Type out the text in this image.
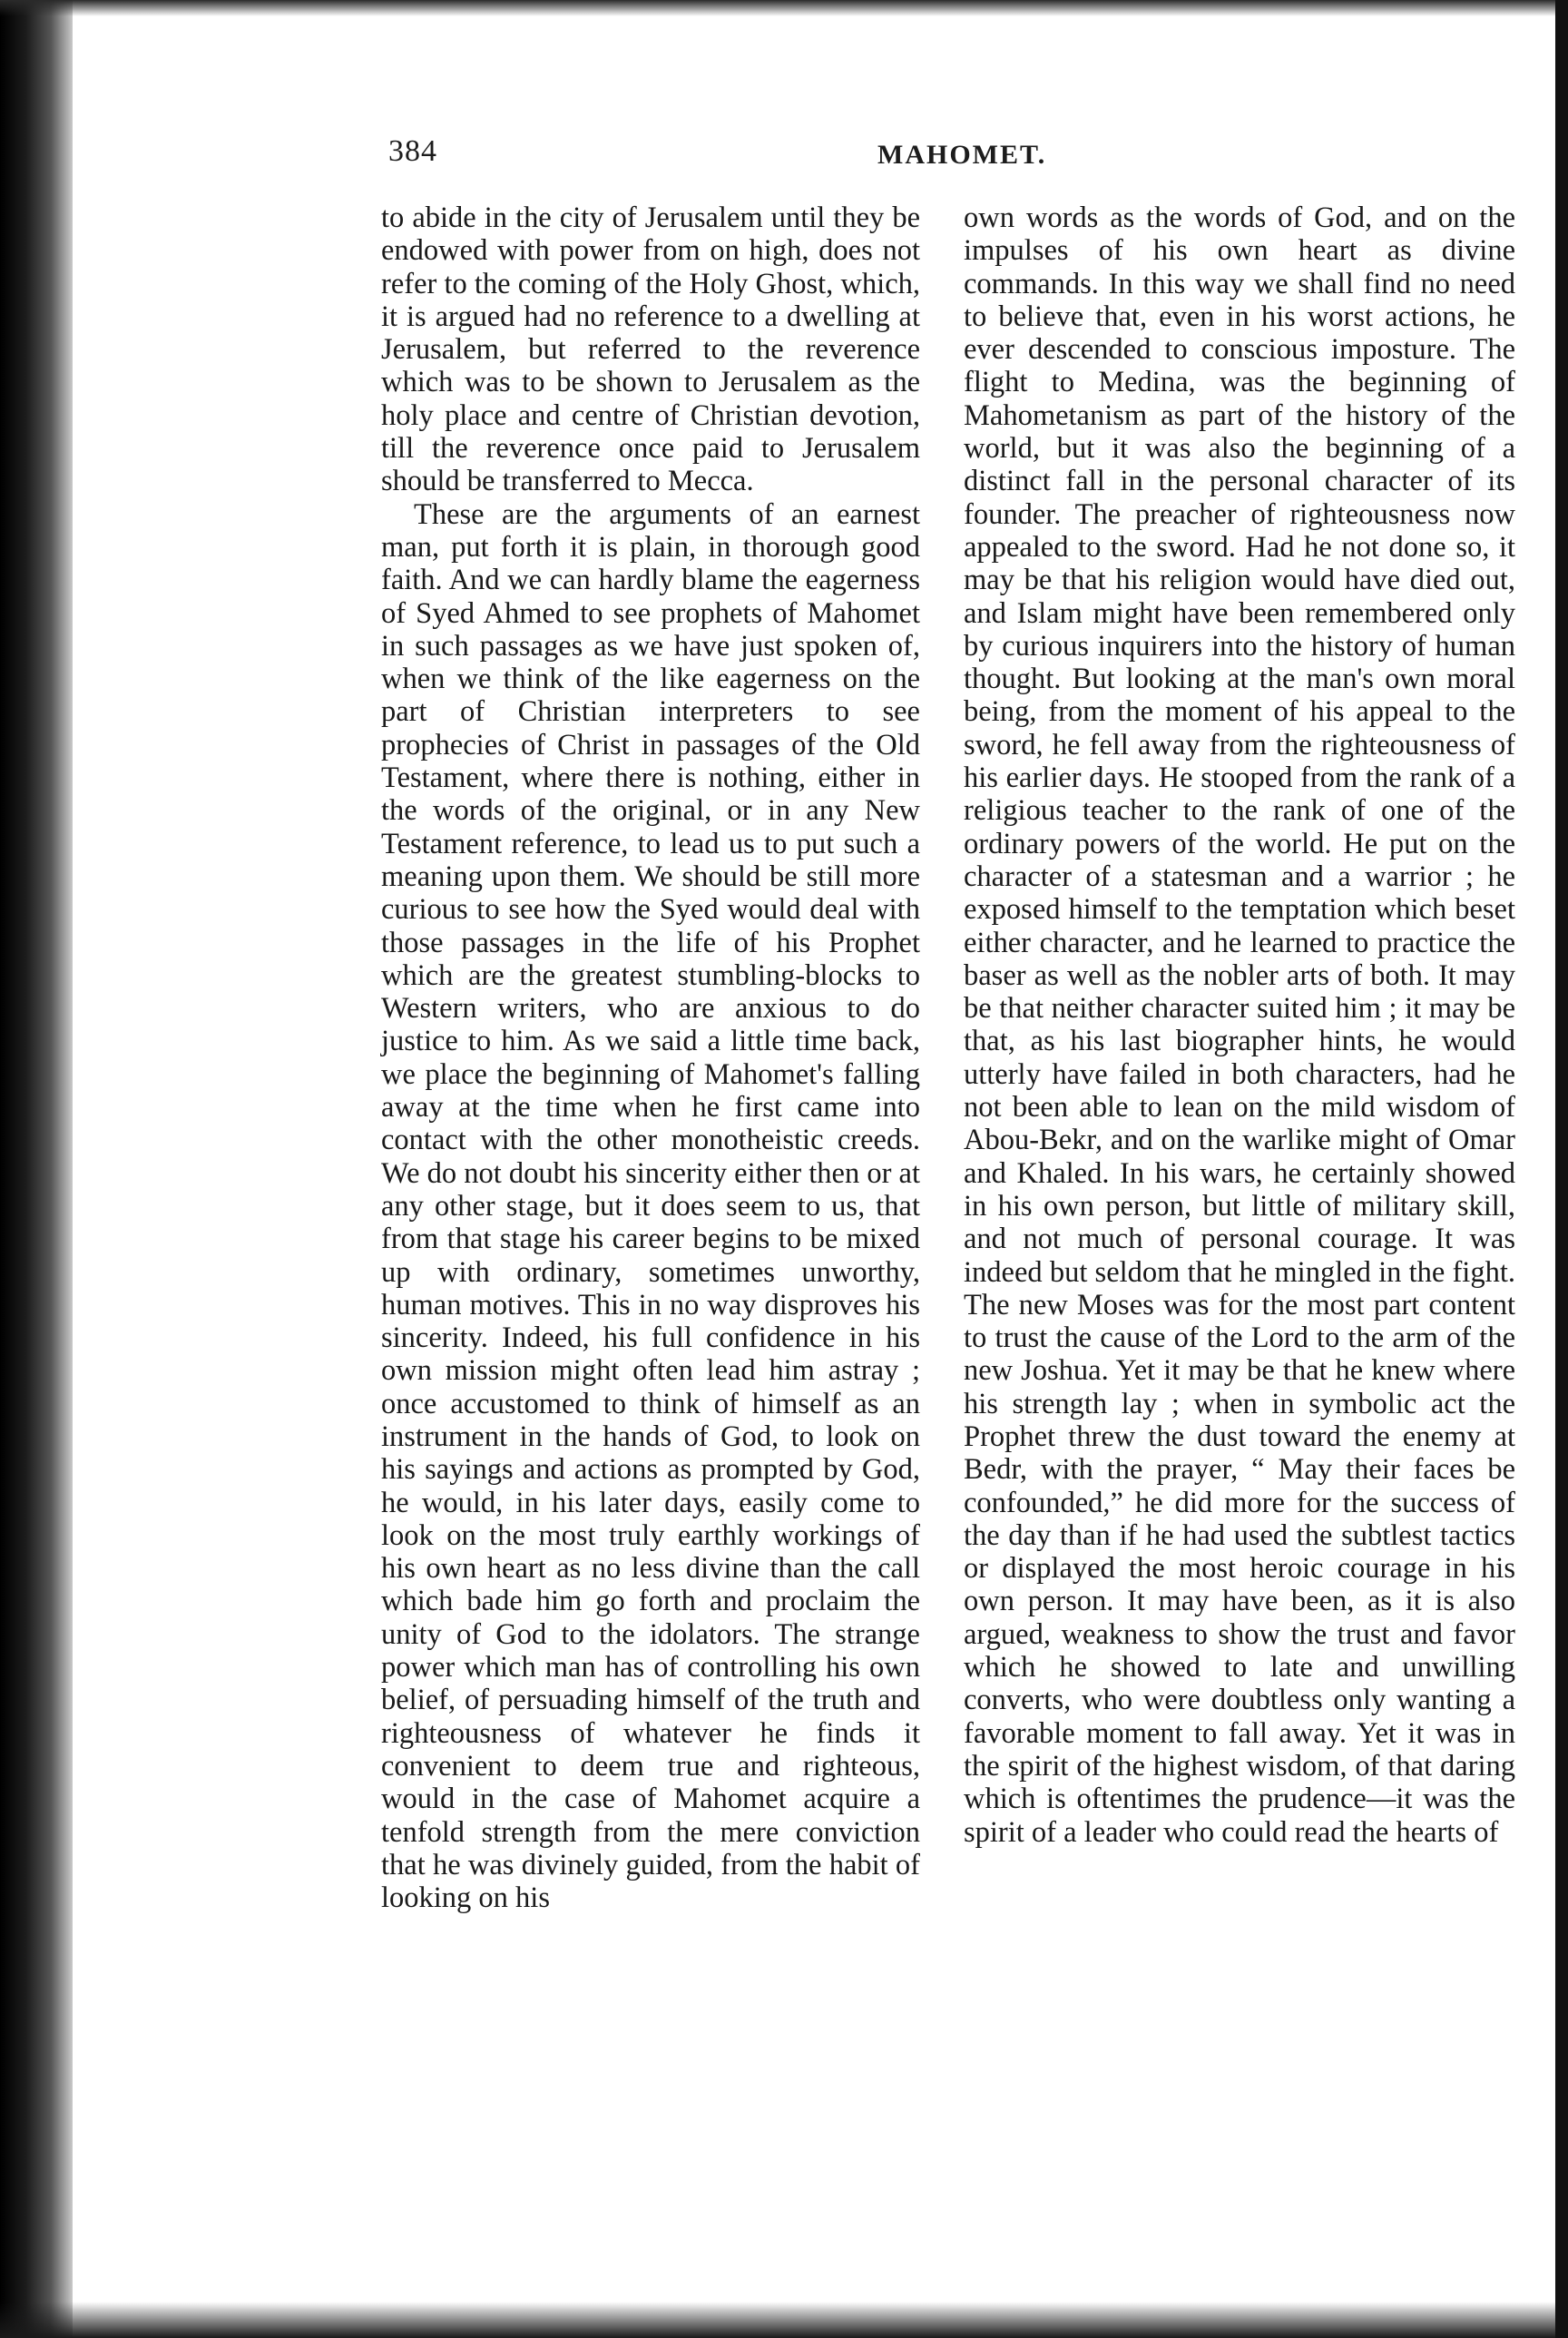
384	MAHOMET.

to abide in the city of Jerusalem until they be endowed with power from on high, does not refer to the coming of the Holy Ghost, which, it is argued had no reference to a dwelling at Jerusalem, but referred to the reverence which was to be shown to Jerusalem as the holy place and centre of Christian devotion, till the reverence once paid to Jerusalem should be transferred to Mecca.

These are the arguments of an earnest man, put forth it is plain, in thorough good faith. And we can hardly blame the eagerness of Syed Ahmed to see prophets of Mahomet in such passages as we have just spoken of, when we think of the like eagerness on the part of Christian interpreters to see prophecies of Christ in passages of the Old Testament, where there is nothing, either in the words of the original, or in any New Testament reference, to lead us to put such a meaning upon them. We should be still more curious to see how the Syed would deal with those passages in the life of his Prophet which are the greatest stumbling-blocks to Western writers, who are anxious to do justice to him. As we said a little time back, we place the beginning of Mahomet's falling away at the time when he first came into contact with the other monotheistic creeds. We do not doubt his sincerity either then or at any other stage, but it does seem to us, that from that stage his career begins to be mixed up with ordinary, sometimes unworthy, human motives. This in no way disproves his sincerity. Indeed, his full confidence in his own mission might often lead him astray ; once accustomed to think of himself as an instrument in the hands of God, to look on his sayings and actions as prompted by God, he would, in his later days, easily come to look on the most truly earthly workings of his own heart as no less divine than the call which bade him go forth and proclaim the unity of God to the idolators. The strange power which man has of controlling his own belief, of persuading himself of the truth and righteousness of whatever he finds it convenient to deem true and righteous, would in the case of Mahomet acquire a tenfold strength from the mere conviction that he was divinely guided, from the habit of looking on his

own words as the words of God, and on the impulses of his own heart as divine commands. In this way we shall find no need to believe that, even in his worst actions, he ever descended to conscious imposture. The flight to Medina, was the beginning of Mahometanism as part of the history of the world, but it was also the beginning of a distinct fall in the personal character of its founder. The preacher of righteousness now appealed to the sword. Had he not done so, it may be that his religion would have died out, and Islam might have been remembered only by curious inquirers into the history of human thought. But looking at the man's own moral being, from the moment of his appeal to the sword, he fell away from the righteousness of his earlier days. He stooped from the rank of a religious teacher to the rank of one of the ordinary powers of the world. He put on the character of a statesman and a warrior ; he exposed himself to the temptation which beset either character, and he learned to practice the baser as well as the nobler arts of both. It may be that neither character suited him ; it may be that, as his last biographer hints, he would utterly have failed in both characters, had he not been able to lean on the mild wisdom of Abou-Bekr, and on the warlike might of Omar and Khaled. In his wars, he certainly showed in his own person, but little of military skill, and not much of personal courage. It was indeed but seldom that he mingled in the fight. The new Moses was for the most part content to trust the cause of the Lord to the arm of the new Joshua. Yet it may be that he knew where his strength lay ; when in symbolic act the Prophet threw the dust toward the enemy at Bedr, with the prayer, “ May their faces be confounded,” he did more for the success of the day than if he had used the subtlest tactics or displayed the most heroic courage in his own person. It may have been, as it is also argued, weakness to show the trust and favor which he showed to late and unwilling converts, who were doubtless only wanting a favorable moment to fall away. Yet it was in the spirit of the highest wisdom, of that daring which is oftentimes the prudence—it was the spirit of a leader who could read the hearts of
